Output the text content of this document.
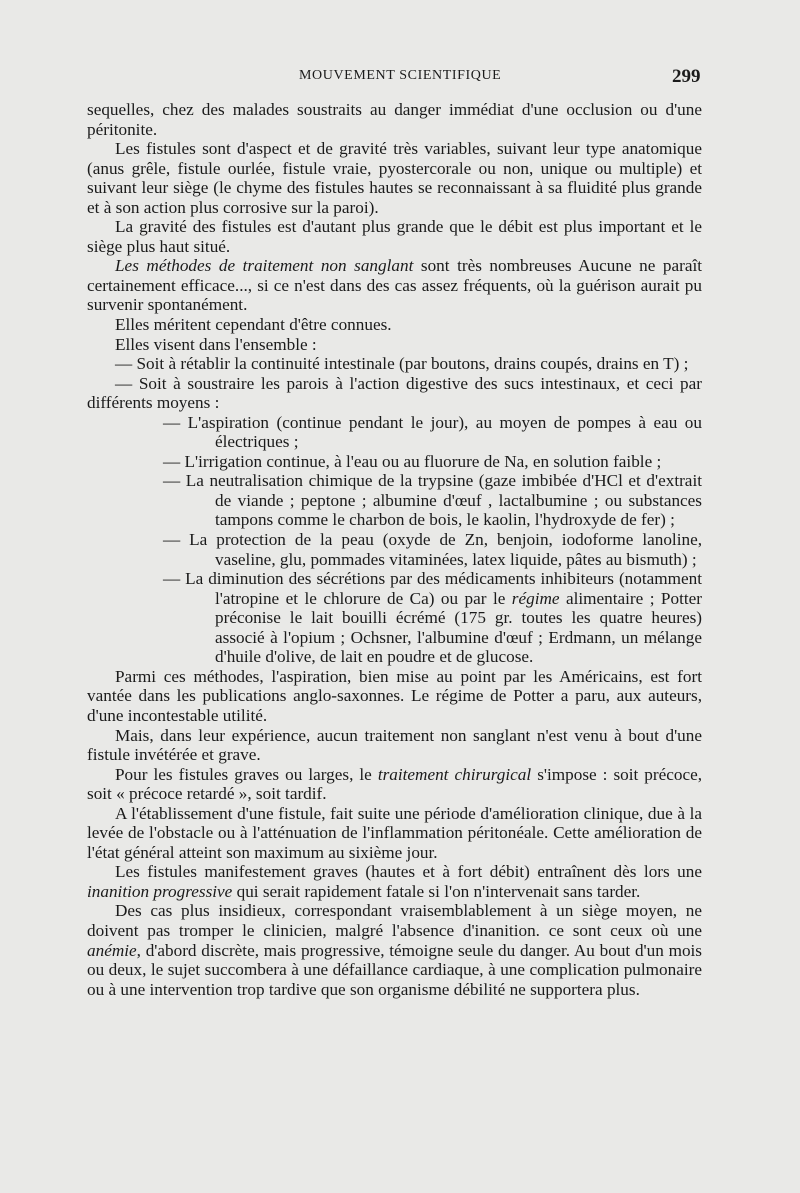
MOUVEMENT SCIENTIFIQUE	299

sequelles, chez des malades soustraits au danger immédiat d'une occlusion ou d'une péritonite.

Les fistules sont d'aspect et de gravité très variables, suivant leur type anatomique (anus grêle, fistule ourlée, fistule vraie, pyostercorale ou non, unique ou multiple) et suivant leur siège (le chyme des fistules hautes se reconnaissant à sa fluidité plus grande et à son action plus corrosive sur la paroi).

La gravité des fistules est d'autant plus grande que le débit est plus important et le siège plus haut situé.

Les méthodes de traitement non sanglant sont très nombreuses Aucune ne paraît certainement efficace..., si ce n'est dans des cas assez fréquents, où la guérison aurait pu survenir spontanément.

Elles méritent cependant d'être connues.

Elles visent dans l'ensemble :

— Soit à rétablir la continuité intestinale (par boutons, drains coupés, drains en T) ;

— Soit à soustraire les parois à l'action digestive des sucs intestinaux, et ceci par différents moyens :

— L'aspiration (continue pendant le jour), au moyen de pompes à eau ou électriques ;

— L'irrigation continue, à l'eau ou au fluorure de Na, en solution faible ;

— La neutralisation chimique de la trypsine (gaze imbibée d'HCl et d'extrait de viande ; peptone ; albumine d'œuf , lactalbumine ; ou substances tampons comme le charbon de bois, le kaolin, l'hydroxyde de fer) ;

— La protection de la peau (oxyde de Zn, benjoin, iodoforme lanoline, vaseline, glu, pommades vitaminées, latex liquide, pâtes au bismuth) ;

— La diminution des sécrétions par des médicaments inhibiteurs (notamment l'atropine et le chlorure de Ca) ou par le régime alimentaire ; Potter préconise le lait bouilli écrémé (175 gr. toutes les quatre heures) associé à l'opium ; Ochsner, l'albumine d'œuf ; Erdmann, un mélange d'huile d'olive, de lait en poudre et de glucose.

Parmi ces méthodes, l'aspiration, bien mise au point par les Américains, est fort vantée dans les publications anglo-saxonnes. Le régime de Potter a paru, aux auteurs, d'une incontestable utilité.

Mais, dans leur expérience, aucun traitement non sanglant n'est venu à bout d'une fistule invétérée et grave.

Pour les fistules graves ou larges, le traitement chirurgical s'impose : soit précoce, soit « précoce retardé », soit tardif.

A l'établissement d'une fistule, fait suite une période d'amélioration clinique, due à la levée de l'obstacle ou à l'atténuation de l'inflammation péritonéale. Cette amélioration de l'état général atteint son maximum au sixième jour.

Les fistules manifestement graves (hautes et à fort débit) entraînent dès lors une inanition progressive qui serait rapidement fatale si l'on n'intervenait sans tarder.

Des cas plus insidieux, correspondant vraisemblablement à un siège moyen, ne doivent pas tromper le clinicien, malgré l'absence d'inanition. ce sont ceux où une anémie, d'abord discrète, mais progressive, témoigne seule du danger. Au bout d'un mois ou deux, le sujet succombera à une défaillance cardiaque, à une complication pulmonaire ou à une intervention trop tardive que son organisme débilité ne supportera plus.
